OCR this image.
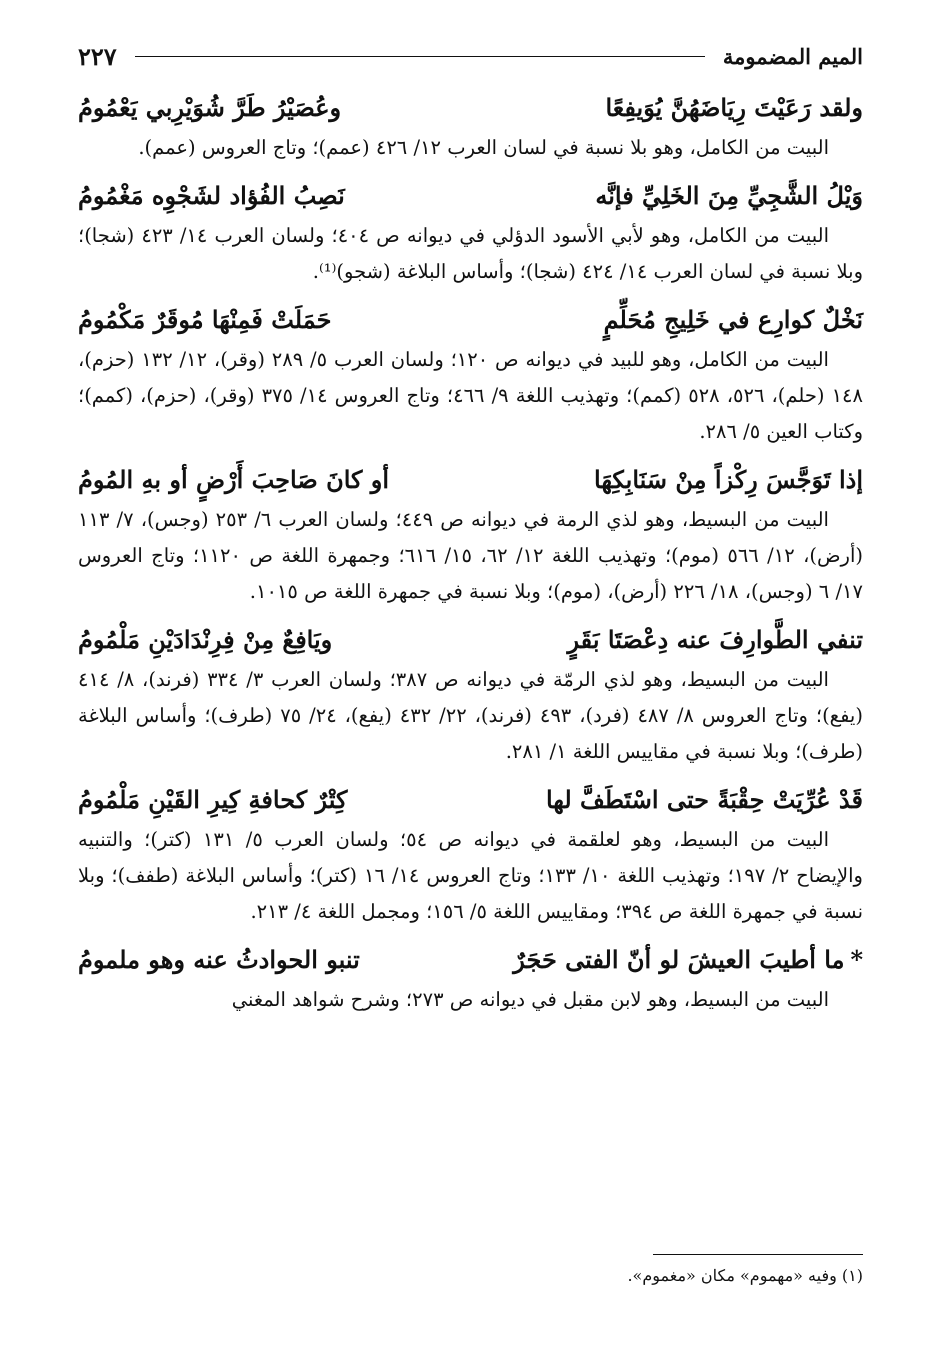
الميم المضمومة
٢٢٧
ولقد رَعَيْتَ رِيَاضَهُنَّ يُوَيفِعًا
وعُصَيْرُ طَرَّ شُوَيْرِبي يَعْمُومُ

البيت من الكامل، وهو بلا نسبة في لسان العرب ١٢/ ٤٢٦ (عمم)؛ وتاج العروس (عمم).

وَيْلُ الشَّجِيِّ مِنَ الخَلِيِّ فإنَّه
نَصِبُ الفُؤاد لشَجْوِه مَغْمُومُ

البيت من الكامل، وهو لأبي الأسود الدؤلي في ديوانه ص ٤٠٤؛ ولسان العرب ١٤/ ٤٢٣ (شجا)؛ وبلا نسبة في لسان العرب ١٤/ ٤٢٤ (شجا)؛ وأساس البلاغة (شجو)⁽¹⁾.

نَخْلٌ كوارِع في خَلِيجِ مُحَلِّمٍ
حَمَلَتْ فَمِنْهَا مُوقَرٌ مَكْمُومُ

البيت من الكامل، وهو للبيد في ديوانه ص ١٢٠؛ ولسان العرب ٥/ ٢٨٩ (وقر)، ١٢/ ١٣٢ (حزم)، ١٤٨ (حلم)، ٥٢٦، ٥٢٨ (كمم)؛ وتهذيب اللغة ٩/ ٤٦٦؛ وتاج العروس ١٤/ ٣٧٥ (وقر)، (حزم)، (كمم)؛ وكتاب العين ٥/ ٢٨٦.

إذا تَوَجَّسَ رِكْزاً مِنْ سَنَابِكِهَا
أو كانَ صَاحِبَ أَرْضٍ أو بهِ المُومُ

البيت من البسيط، وهو لذي الرمة في ديوانه ص ٤٤٩؛ ولسان العرب ٦/ ٢٥٣ (وجس)، ٧/ ١١٣ (أرض)، ١٢/ ٥٦٦ (موم)؛ وتهذيب اللغة ١٢/ ٦٢، ١٥/ ٦١٦؛ وجمهرة اللغة ص ١١٢٠؛ وتاج العروس ١٧/ ٦ (وجس)، ١٨/ ٢٢٦ (أرض)، (موم)؛ وبلا نسبة في جمهرة اللغة ص ١٠١٥.

تنفي الطَّوارِفَ عنه دِعْصَتَا بَقَرٍ
ويَافِعٌ مِنْ فِرِنْدَادَيْنِ مَلْمُومُ

البيت من البسيط، وهو لذي الرمّة في ديوانه ص ٣٨٧؛ ولسان العرب ٣/ ٣٣٤ (فرند)، ٨/ ٤١٤ (يفع)؛ وتاج العروس ٨/ ٤٨٧ (فرد)، ٤٩٣ (فرند)، ٢٢/ ٤٣٢ (يفع)، ٢٤/ ٧٥ (طرف)؛ وأساس البلاغة (طرف)؛ وبلا نسبة في مقاييس اللغة ١/ ٢٨١.

قَدْ عُرِّيَتْ حِقْبَةً حتى اسْتَطَفَّ لها
كِتْرٌ كحافةِ كِيرِ القَيْنِ مَلْمُومُ

البيت من البسيط، وهو لعلقمة في ديوانه ص ٥٤؛ ولسان العرب ٥/ ١٣١ (كتر)؛ والتنبيه والإيضاح ٢/ ١٩٧؛ وتهذيب اللغة ١٠/ ١٣٣؛ وتاج العروس ١٤/ ١٦ (كتر)؛ وأساس البلاغة (طفف)؛ وبلا نسبة في جمهرة اللغة ص ٣٩٤؛ ومقاييس اللغة ٥/ ١٥٦؛ ومجمل اللغة ٤/ ٢١٣.

*ما أطيبَ العيشَ لو أنّ الفتى حَجَرٌ
تنبو الحوادثُ عنه وهو ملمومُ

البيت من البسيط، وهو لابن مقبل في ديوانه ص ٢٧٣؛ وشرح شواهد المغني

(١) وفيه «مهموم» مكان «مغموم».
